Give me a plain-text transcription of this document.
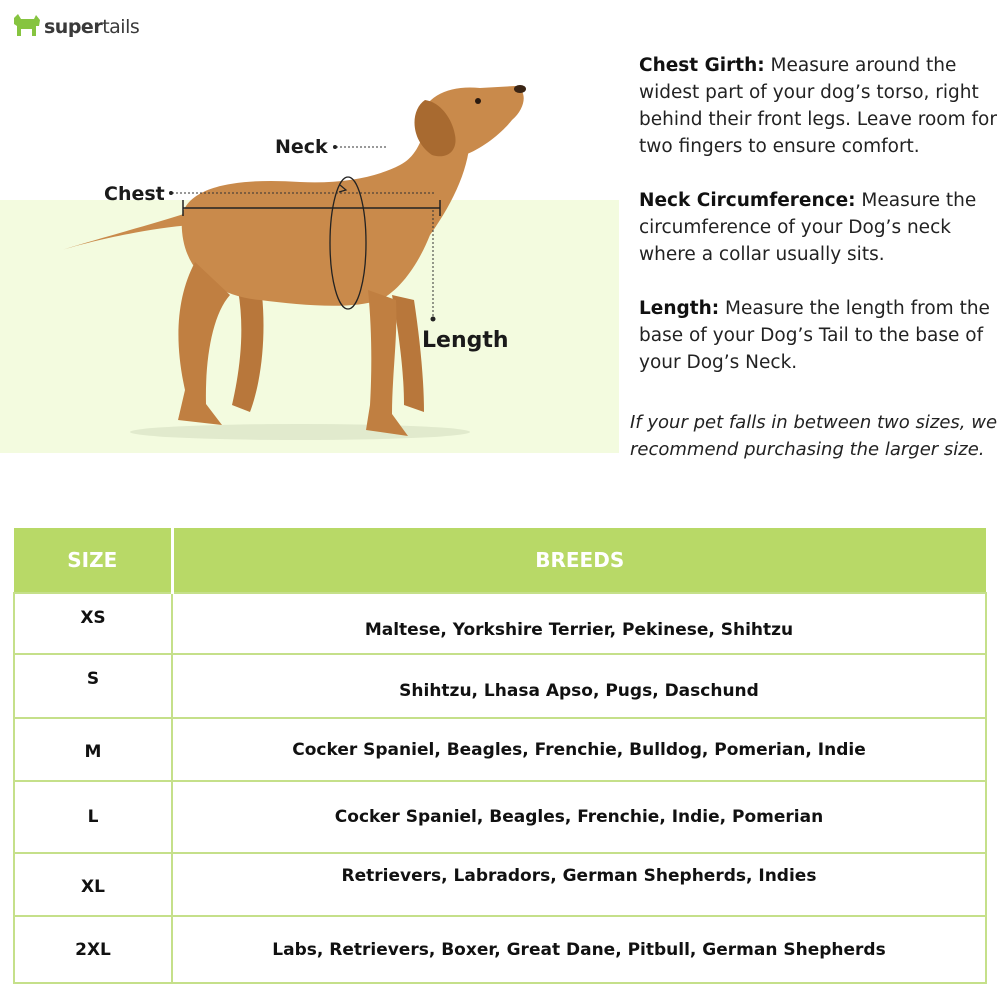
supertails
Neck
Chest
Length

Chest Girth: Measure around the widest part of your dog’s torso, right behind their front legs. Leave room for two fingers to ensure comfort.

Neck Circumference: Measure the circumference of your Dog’s neck where a collar usually sits.

Length: Measure the length from the base of your Dog’s Tail to the base of your Dog’s Neck.

If your pet falls in between two sizes, we recommend purchasing the larger size.
SIZE	BREEDS
XS	Maltese, Yorkshire Terrier, Pekinese, Shihtzu
S	Shihtzu, Lhasa Apso, Pugs, Daschund
M	Cocker Spaniel, Beagles, Frenchie, Bulldog, Pomerian, Indie
L	Cocker Spaniel, Beagles, Frenchie, Indie, Pomerian
XL	Retrievers, Labradors, German Shepherds, Indies
2XL	Labs, Retrievers, Boxer, Great Dane, Pitbull, German Shepherds
